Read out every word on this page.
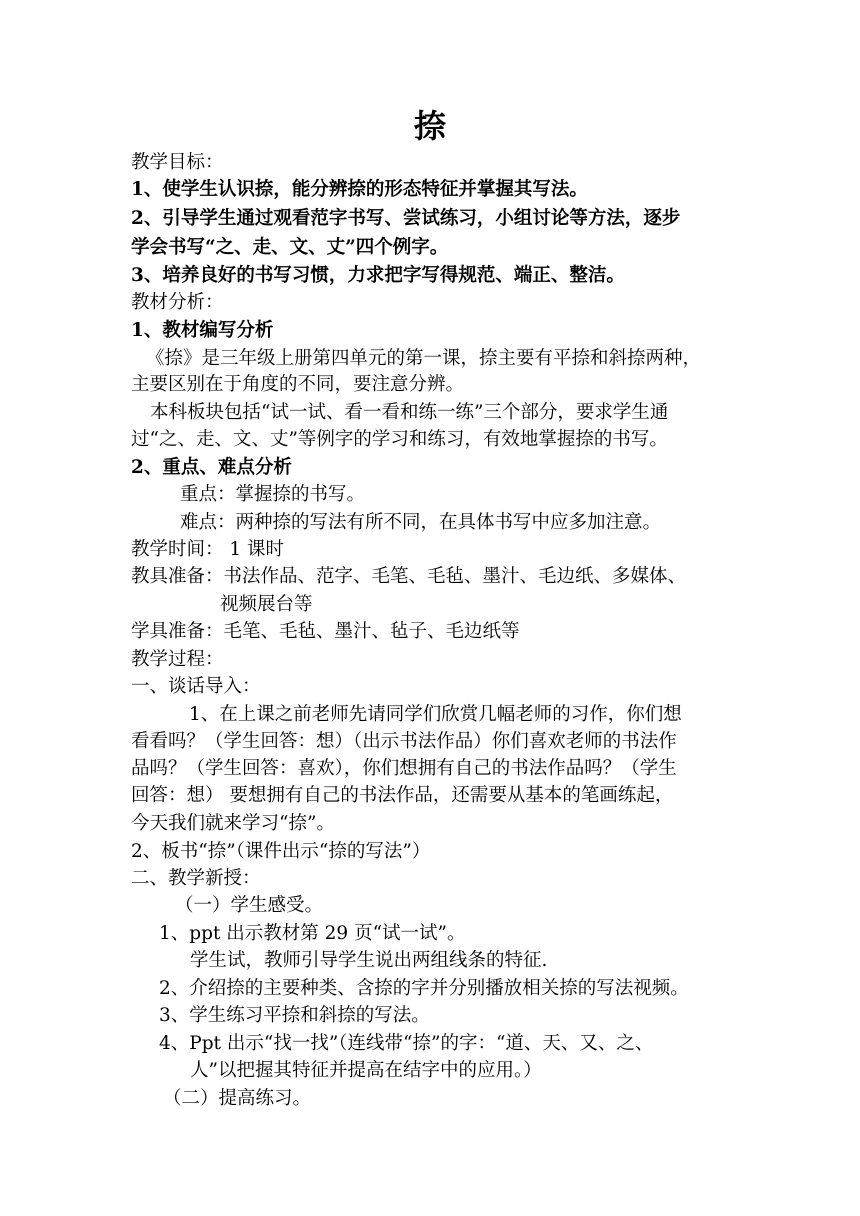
捺
教学目标：
1、使学生认识捺，能分辨捺的形态特征并掌握其写法。
2、引导学生通过观看范字书写、尝试练习，小组讨论等方法，逐步
学会书写“之、走、文、丈”四个例字。
3、培养良好的书写习惯，力求把字写得规范、端正、整洁。
教材分析：
1、教材编写分析
《捺》是三年级上册第四单元的第一课，捺主要有平捺和斜捺两种，
主要区别在于角度的不同，要注意分辨。
本科板块包括“试一试、看一看和练一练”三个部分，要求学生通
过“之、走、文、丈”等例字的学习和练习，有效地掌握捺的书写。
2、重点、难点分析
重点：掌握捺的书写。
难点：两种捺的写法有所不同，在具体书写中应多加注意。
教学时间： 1 课时
教具准备：书法作品、范字、毛笔、毛毡、墨汁、毛边纸、多媒体、
视频展台等
学具准备：毛笔、毛毡、墨汁、毡子、毛边纸等
教学过程：
一、谈话导入：
1、在上课之前老师先请同学们欣赏几幅老师的习作，你们想
看看吗？（学生回答：想）（出示书法作品）你们喜欢老师的书法作
品吗？（学生回答：喜欢），你们想拥有自己的书法作品吗？（学生
回答：想） 要想拥有自己的书法作品，还需要从基本的笔画练起，
今天我们就来学习“捺”。
2、板书“捺”（课件出示“捺的写法”）
二、教学新授：
（一）学生感受。
1、ppt 出示教材第 29 页“试一试”。
学生试，教师引导学生说出两组线条的特征.
2、介绍捺的主要种类、含捺的字并分别播放相关捺的写法视频。
3、学生练习平捺和斜捺的写法。
4、Ppt 出示“找一找”（连线带“捺”的字：“道、天、又、之、
人”以把握其特征并提高在结字中的应用。）
（二）提高练习。
